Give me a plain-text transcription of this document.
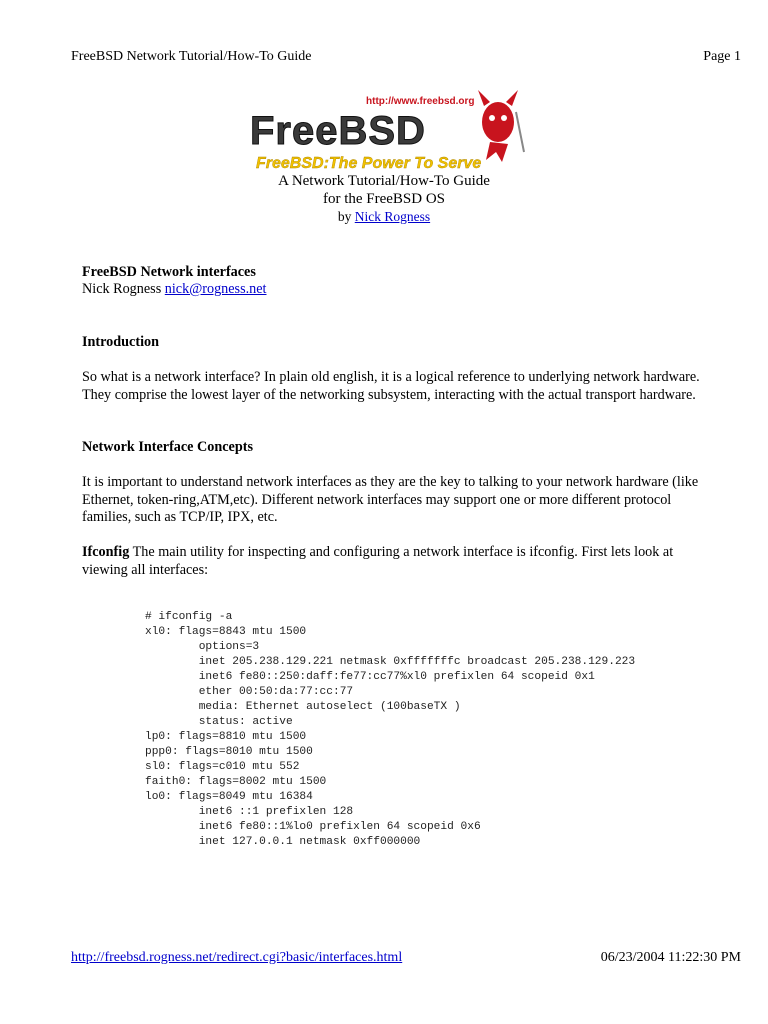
FreeBSD Network Tutorial/How-To Guide	Page 1
http://www.freebsd.org
FreeBSD
FreeBSD:The Power To Serve
A Network Tutorial/How-To Guide
for the FreeBSD OS
by Nick Rogness
FreeBSD Network interfaces
Nick Rogness nick@rogness.net
Introduction
So what is a network interface? In plain old english, it is a logical reference to underlying network hardware. They comprise the lowest layer of the networking subsystem, interacting with the actual transport hardware.
Network Interface Concepts
It is important to understand network interfaces as they are the key to talking to your network hardware (like Ethernet, token-ring,ATM,etc). Different network interfaces may support one or more different protocol families, such as TCP/IP, IPX, etc.
Ifconfig The main utility for inspecting and configuring a network interface is ifconfig. First lets look at viewing all interfaces:
# ifconfig -a
xl0: flags=8843 mtu 1500
options=3
inet 205.238.129.221 netmask 0xfffffffc broadcast 205.238.129.223
inet6 fe80::250:daff:fe77:cc77%xl0 prefixlen 64 scopeid 0x1
ether 00:50:da:77:cc:77
media: Ethernet autoselect (100baseTX )
status: active
lp0: flags=8810 mtu 1500
ppp0: flags=8010 mtu 1500
sl0: flags=c010 mtu 552
faith0: flags=8002 mtu 1500
lo0: flags=8049 mtu 16384
inet6 ::1 prefixlen 128
inet6 fe80::1%lo0 prefixlen 64 scopeid 0x6
inet 127.0.0.1 netmask 0xff000000

http://freebsd.rogness.net/redirect.cgi?basic/interfaces.html	06/23/2004 11:22:30 PM
